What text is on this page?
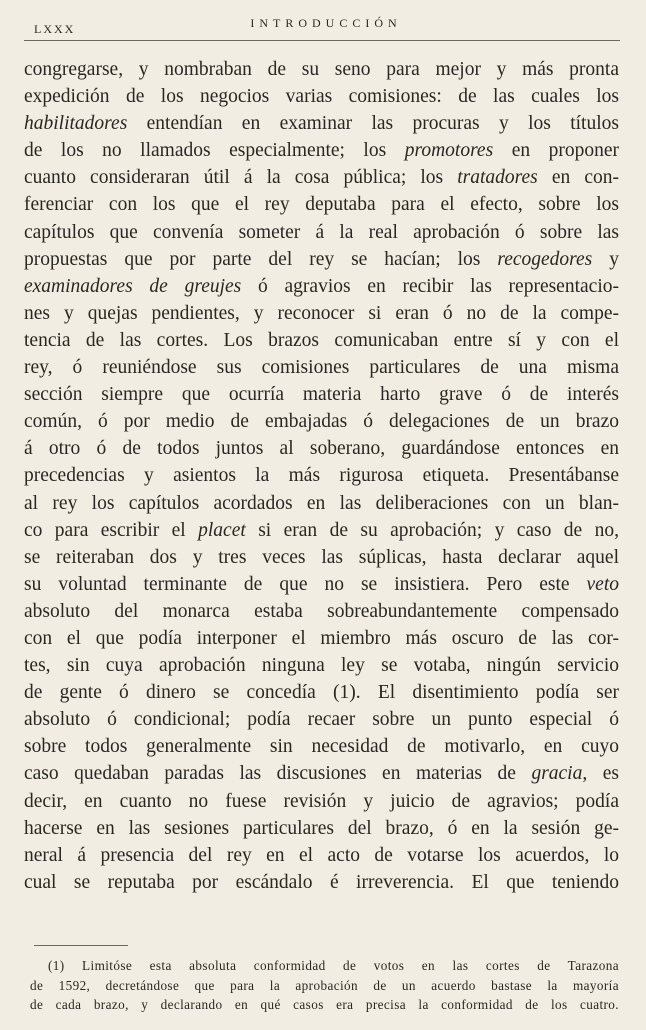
LXXX	INTRODUCCIÓN
congregarse, y nombraban de su seno para mejor y más pronta
expedición de los negocios varias comisiones: de las cuales los
habilitadores entendían en examinar las procuras y los títulos
de los no llamados especialmente; los promotores en proponer
cuanto consideraran útil á la cosa pública; los tratadores en con-
ferenciar con los que el rey deputaba para el efecto, sobre los
capítulos que convenía someter á la real aprobación ó sobre las
propuestas que por parte del rey se hacían; los recogedores y
examinadores de greujes ó agravios en recibir las representacio-
nes y quejas pendientes, y reconocer si eran ó no de la compe-
tencia de las cortes. Los brazos comunicaban entre sí y con el
rey, ó reuniéndose sus comisiones particulares de una misma
sección siempre que ocurría materia harto grave ó de interés
común, ó por medio de embajadas ó delegaciones de un brazo
á otro ó de todos juntos al soberano, guardándose entonces en
precedencias y asientos la más rigurosa etiqueta. Presentábanse
al rey los capítulos acordados en las deliberaciones con un blan-
co para escribir el placet si eran de su aprobación; y caso de no,
se reiteraban dos y tres veces las súplicas, hasta declarar aquel
su voluntad terminante de que no se insistiera. Pero este veto
absoluto del monarca estaba sobreabundantemente compensado
con el que podía interponer el miembro más oscuro de las cor-
tes, sin cuya aprobación ninguna ley se votaba, ningún servicio
de gente ó dinero se concedía (1). El disentimiento podía ser
absoluto ó condicional; podía recaer sobre un punto especial ó
sobre todos generalmente sin necesidad de motivarlo, en cuyo
caso quedaban paradas las discusiones en materias de gracia, es
decir, en cuanto no fuese revisión y juicio de agravios; podía
hacerse en las sesiones particulares del brazo, ó en la sesión ge-
neral á presencia del rey en el acto de votarse los acuerdos, lo
cual se reputaba por escándalo é irreverencia. El que teniendo
(1) Limitóse esta absoluta conformidad de votos en las cortes de Tarazona
de 1592, decretándose que para la aprobación de un acuerdo bastase la mayoría
de cada brazo, y declarando en qué casos era precisa la conformidad de los cuatro.
